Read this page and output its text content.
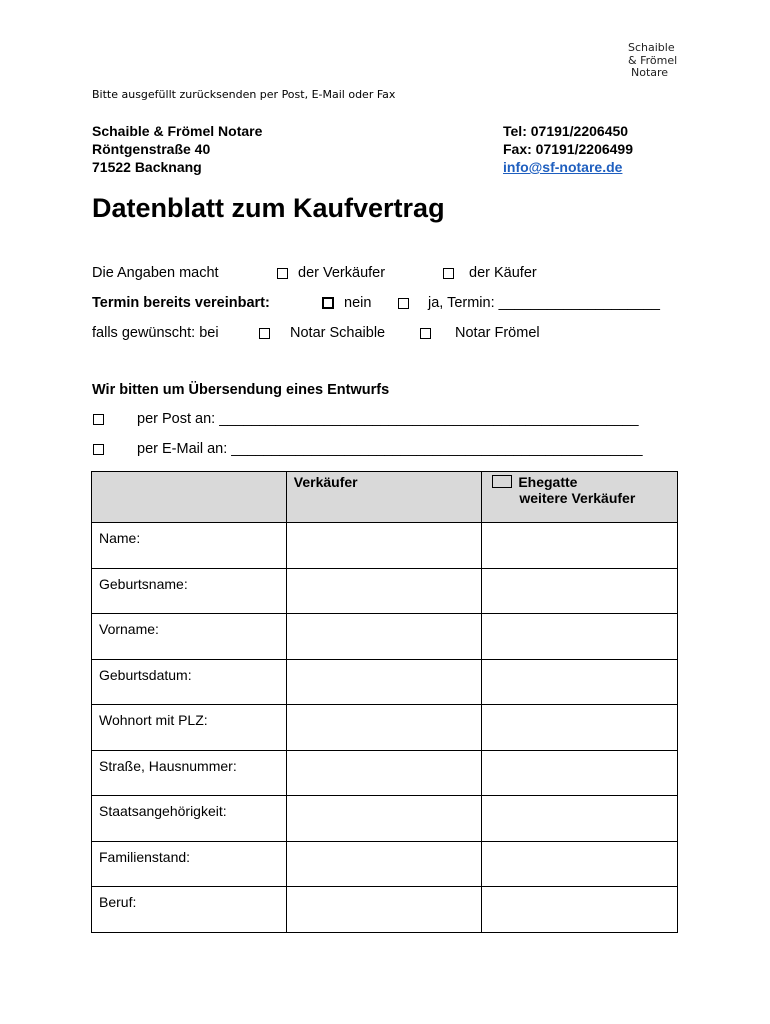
Schaible
& Frömel
Notare
Bitte ausgefüllt zurücksenden per Post, E-Mail oder Fax
Schaible & Frömel Notare
Röntgenstraße 40
71522 Backnang
Tel: 07191/2206450
Fax: 07191/2206499
info@sf-notare.de
Datenblatt zum Kaufvertrag
Die Angaben macht	der Verkäufer	der Käufer
Termin bereits vereinbart:	nein	ja, Termin: ____________________
falls gewünscht: bei	Notar Schaible	Notar Frömel
Wir bitten um Übersendung eines Entwurfs
per Post an: ____________________________________________________
per E-Mail an: ___________________________________________________

	Verkäufer	Ehegatte
weitere Verkäufer

Name:		

Geburtsname:		

Vorname:		

Geburtsdatum:		

Wohnort mit PLZ:		

Straße, Hausnummer:		

Staatsangehörigkeit:		

Familienstand:		

Beruf:		
